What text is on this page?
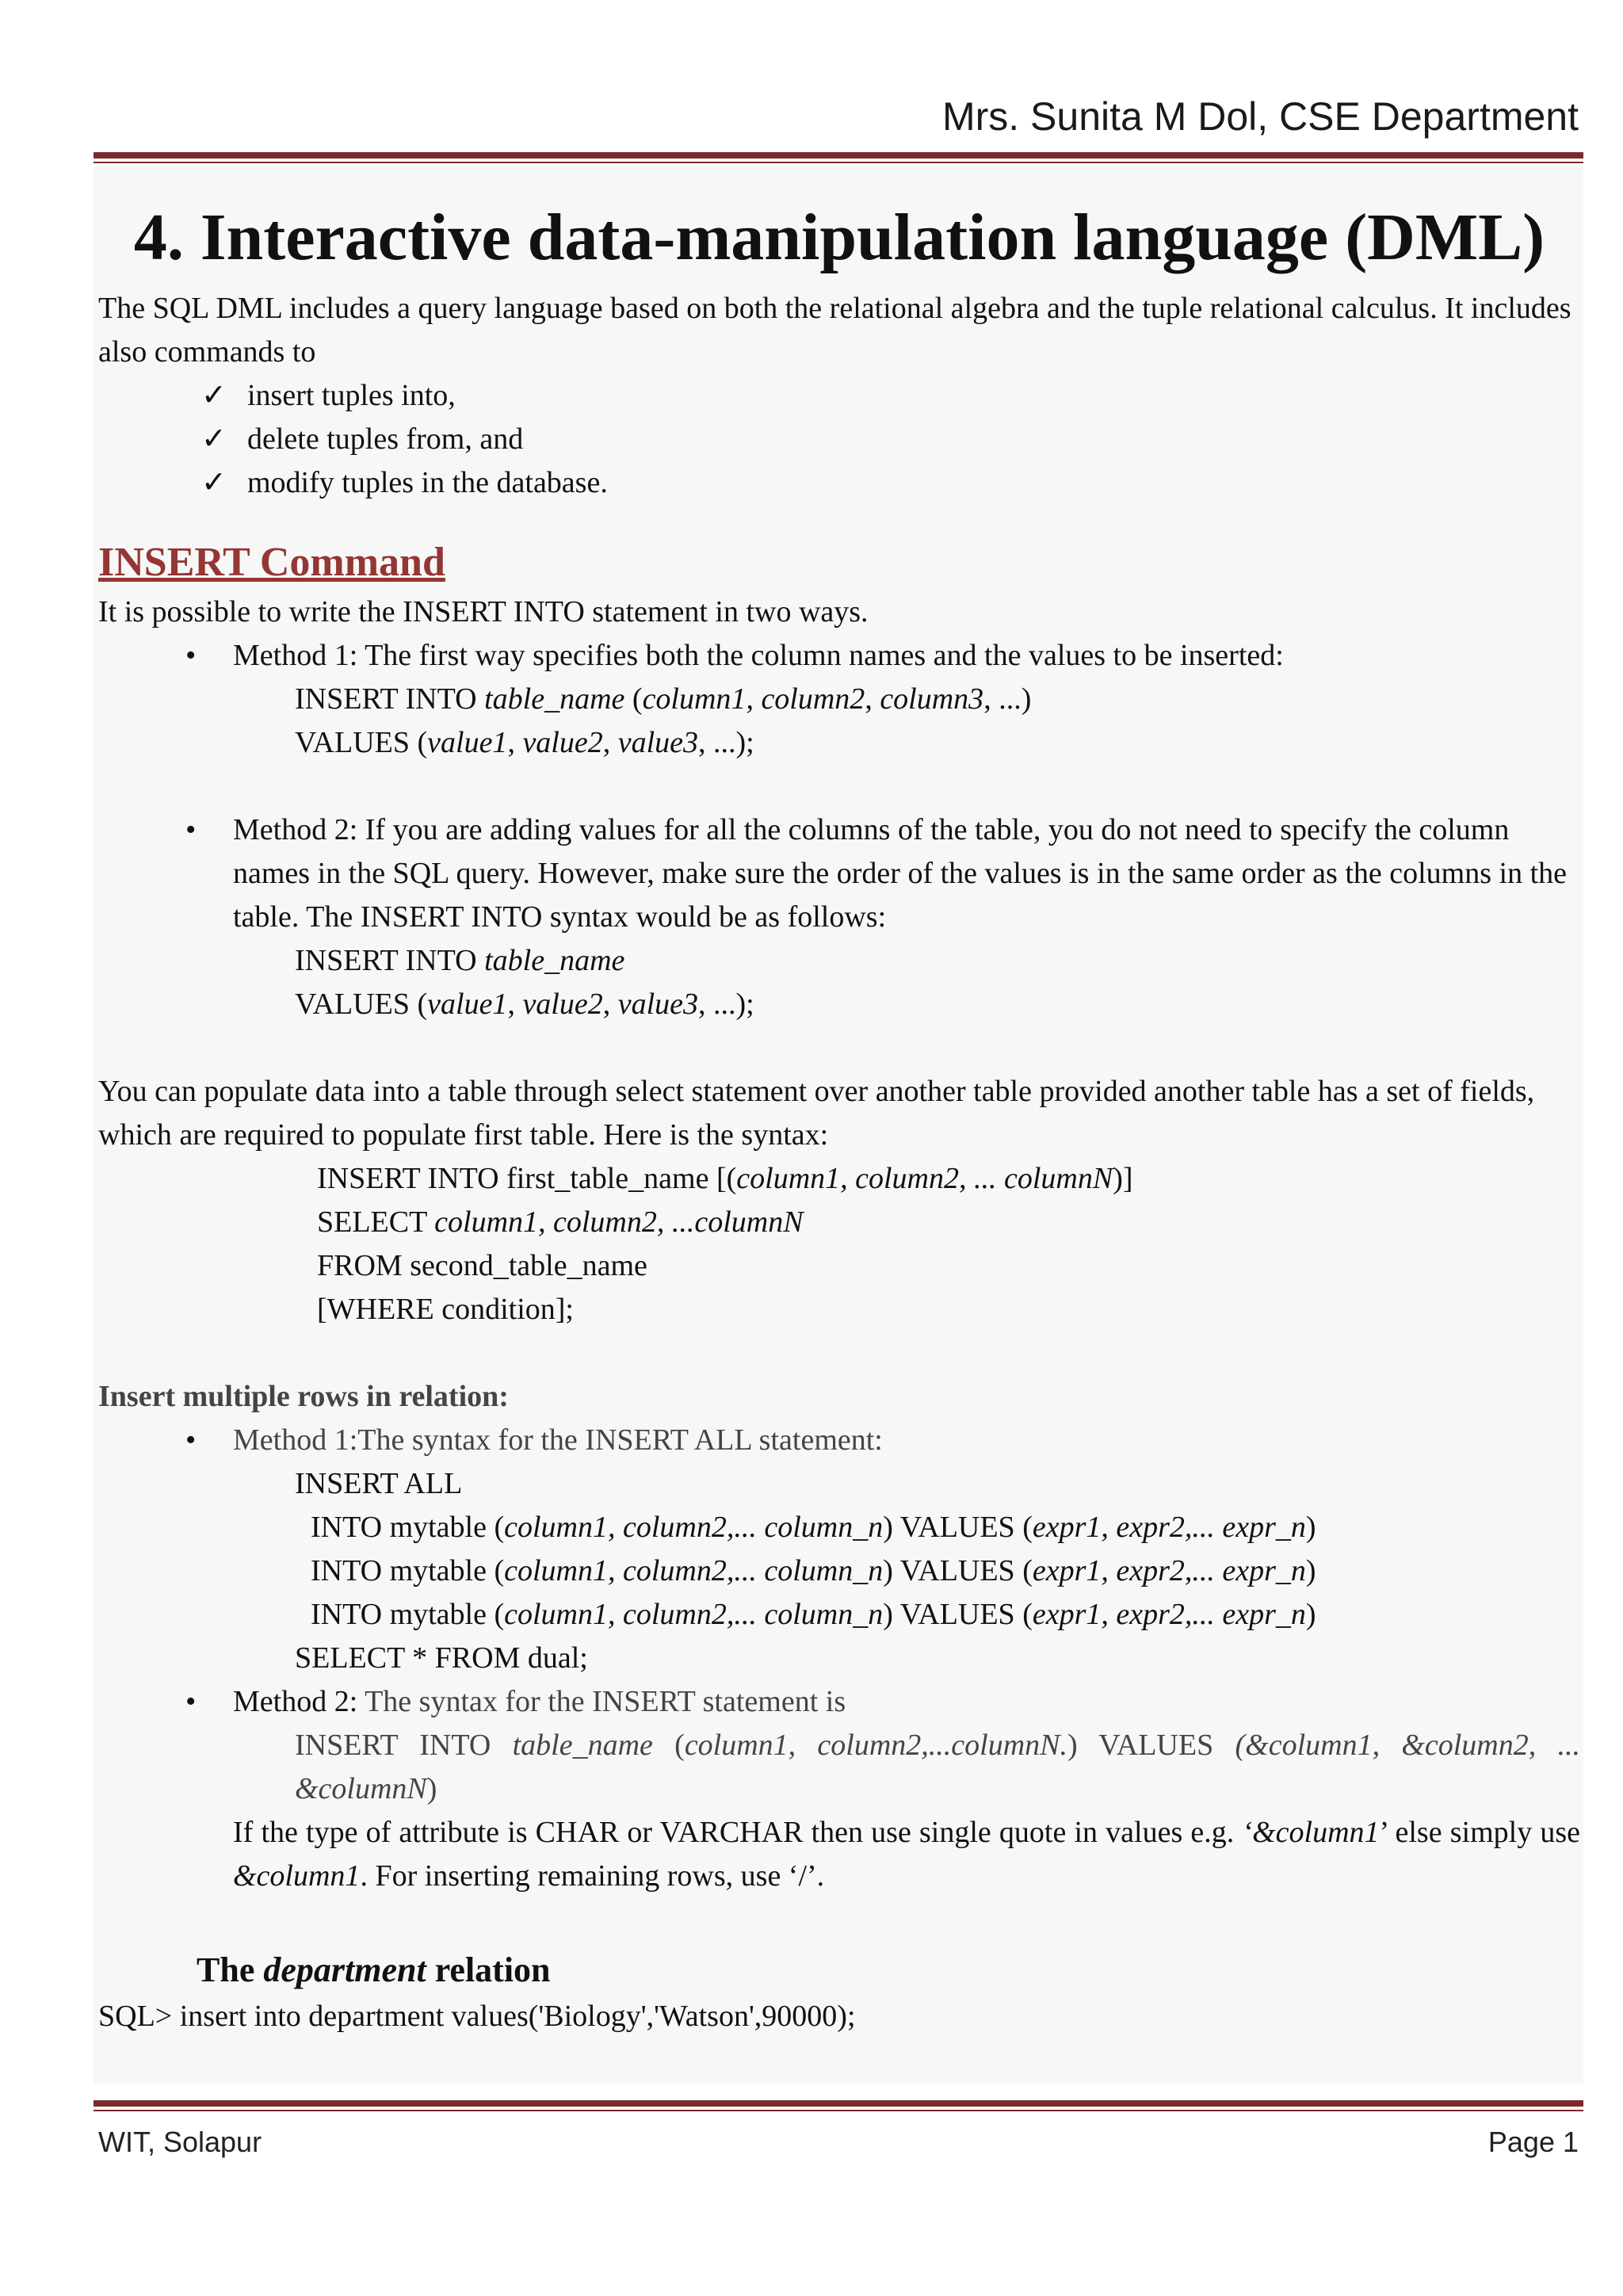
Mrs. Sunita M Dol, CSE Department
4. Interactive data-manipulation language (DML)

The SQL DML includes a query language based on both the relational algebra and the tuple relational calculus. It includes also commands to

✓ insert tuples into,
✓ delete tuples from, and
✓ modify tuples in the database.
INSERT Command

It is possible to write the INSERT INTO statement in two ways.

• Method 1: The first way specifies both the column names and the values to be inserted:
INSERT INTO table_name (column1, column2, column3, ...)
VALUES (value1, value2, value3, ...);
• Method 2: If you are adding values for all the columns of the table, you do not need to specify the column names in the SQL query. However, make sure the order of the values is in the same order as the columns in the table. The INSERT INTO syntax would be as follows:
INSERT INTO table_name
VALUES (value1, value2, value3, ...);

You can populate data into a table through select statement over another table provided another table has a set of fields, which are required to populate first table. Here is the syntax:

INSERT INTO first_table_name [(column1, column2, ... columnN)]
SELECT column1, column2, ...columnN
FROM second_table_name
[WHERE condition];

Insert multiple rows in relation:

• Method 1:The syntax for the INSERT ALL statement:
INSERT ALL
INTO mytable (column1, column2,... column_n) VALUES (expr1, expr2,... expr_n)
INTO mytable (column1, column2,... column_n) VALUES (expr1, expr2,... expr_n)
INTO mytable (column1, column2,... column_n) VALUES (expr1, expr2,... expr_n)
SELECT * FROM dual;
• Method 2: The syntax for the INSERT statement is
INSERT INTO table_name (column1, column2,...columnN.) VALUES (&column1, &column2, ... &columnN)
If the type of attribute is CHAR or VARCHAR then use single quote in values e.g. ‘&column1’ else simply use &column1. For inserting remaining rows, use ‘/’.
The department relation

SQL> insert into department values('Biology','Watson',90000);

WIT, Solapur	Page 1
